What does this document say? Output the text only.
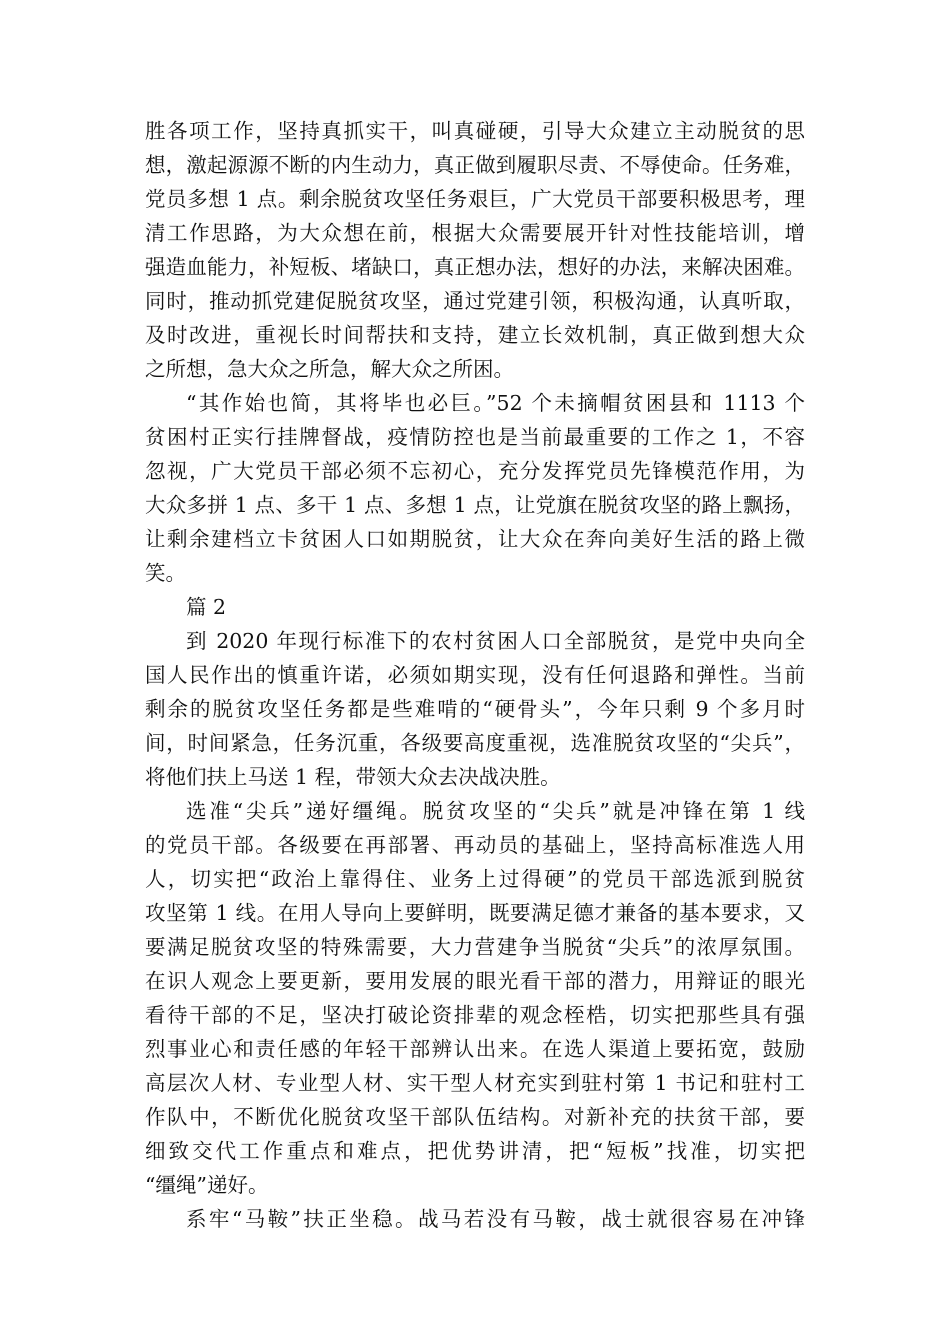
胜各项工作，坚持真抓实干，叫真碰硬，引导大众建立主动脱贫的思
想，激起源源不断的内生动力，真正做到履职尽责、不辱使命。任务难，
党员多想 1 点。剩余脱贫攻坚任务艰巨，广大党员干部要积极思考，理
清工作思路，为大众想在前，根据大众需要展开针对性技能培训，增
强造血能力，补短板、堵缺口，真正想办法，想好的办法，来解决困难。
同时，推动抓党建促脱贫攻坚，通过党建引领，积极沟通，认真听取，
及时改进，重视长时间帮扶和支持，建立长效机制，真正做到想大众
之所想，急大众之所急，解大众之所困。
“其作始也简，其将毕也必巨。”52 个未摘帽贫困县和 1113 个
贫困村正实行挂牌督战，疫情防控也是当前最重要的工作之 1，不容
忽视，广大党员干部必须不忘初心，充分发挥党员先锋模范作用，为
大众多拼 1 点、多干 1 点、多想 1 点，让党旗在脱贫攻坚的路上飘扬，
让剩余建档立卡贫困人口如期脱贫，让大众在奔向美好生活的路上微
笑。
篇 2
到 2020 年现行标准下的农村贫困人口全部脱贫，是党中央向全
国人民作出的慎重许诺，必须如期实现，没有任何退路和弹性。当前
剩余的脱贫攻坚任务都是些难啃的“硬骨头”，今年只剩 9 个多月时
间，时间紧急，任务沉重，各级要高度重视，选准脱贫攻坚的“尖兵”，
将他们扶上马送 1 程，带领大众去决战决胜。
选准“尖兵”递好缰绳。脱贫攻坚的“尖兵”就是冲锋在第 1 线
的党员干部。各级要在再部署、再动员的基础上，坚持高标准选人用
人，切实把“政治上靠得住、业务上过得硬”的党员干部选派到脱贫
攻坚第 1 线。在用人导向上要鲜明，既要满足德才兼备的基本要求，又
要满足脱贫攻坚的特殊需要，大力营建争当脱贫“尖兵”的浓厚氛围。
在识人观念上要更新，要用发展的眼光看干部的潜力，用辩证的眼光
看待干部的不足，坚决打破论资排辈的观念桎梏，切实把那些具有强
烈事业心和责任感的年轻干部辨认出来。在选人渠道上要拓宽，鼓励
高层次人材、专业型人材、实干型人材充实到驻村第 1 书记和驻村工
作队中，不断优化脱贫攻坚干部队伍结构。对新补充的扶贫干部，要
细致交代工作重点和难点，把优势讲清，把“短板”找准，切实把
“缰绳”递好。
系牢“马鞍”扶正坐稳。战马若没有马鞍，战士就很容易在冲锋
